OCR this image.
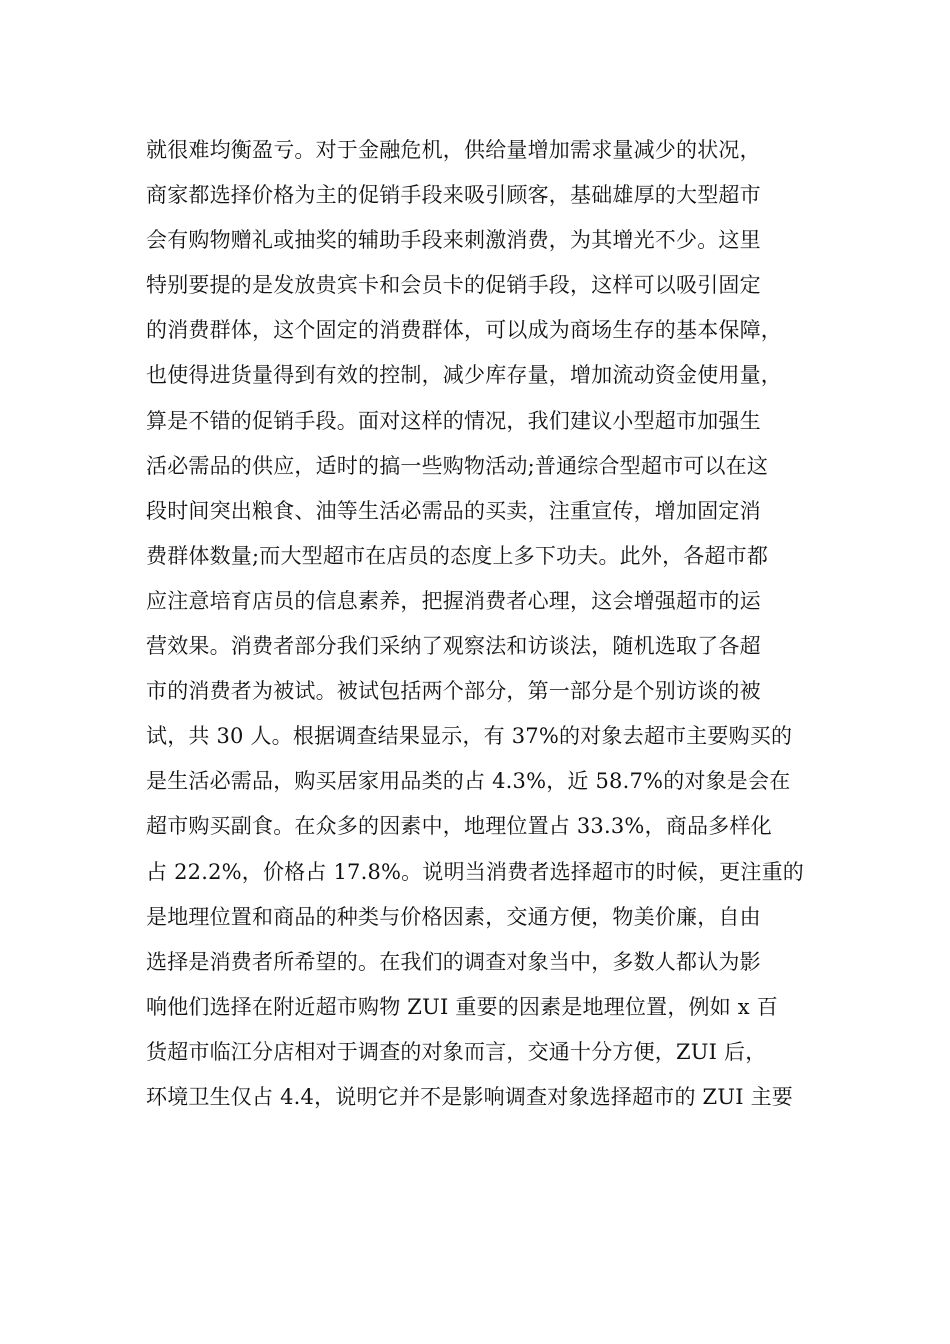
就很难均衡盈亏。对于金融危机，供给量增加需求量减少的状况，
商家都选择价格为主的促销手段来吸引顾客，基础雄厚的大型超市
会有购物赠礼或抽奖的辅助手段来刺激消费，为其增光不少。这里
特别要提的是发放贵宾卡和会员卡的促销手段，这样可以吸引固定
的消费群体，这个固定的消费群体，可以成为商场生存的基本保障，
也使得进货量得到有效的控制，减少库存量，增加流动资金使用量，
算是不错的促销手段。面对这样的情况，我们建议小型超市加强生
活必需品的供应，适时的搞一些购物活动;普通综合型超市可以在这
段时间突出粮食、油等生活必需品的买卖，注重宣传，增加固定消
费群体数量;而大型超市在店员的态度上多下功夫。此外，各超市都
应注意培育店员的信息素养，把握消费者心理，这会增强超市的运
营效果。消费者部分我们采纳了观察法和访谈法，随机选取了各超
市的消费者为被试。被试包括两个部分，第一部分是个别访谈的被
试，共 30 人。根据调查结果显示，有 37%的对象去超市主要购买的
是生活必需品，购买居家用品类的占 4.3%，近 58.7%的对象是会在
超市购买副食。在众多的因素中，地理位置占 33.3%，商品多样化
占 22.2%，价格占 17.8%。说明当消费者选择超市的时候，更注重的
是地理位置和商品的种类与价格因素，交通方便，物美价廉，自由
选择是消费者所希望的。在我们的调查对象当中，多数人都认为影
响他们选择在附近超市购物 ZUI 重要的因素是地理位置，例如 x 百
货超市临江分店相对于调查的对象而言，交通十分方便，ZUI 后，
环境卫生仅占 4.4，说明它并不是影响调查对象选择超市的 ZUI 主要
